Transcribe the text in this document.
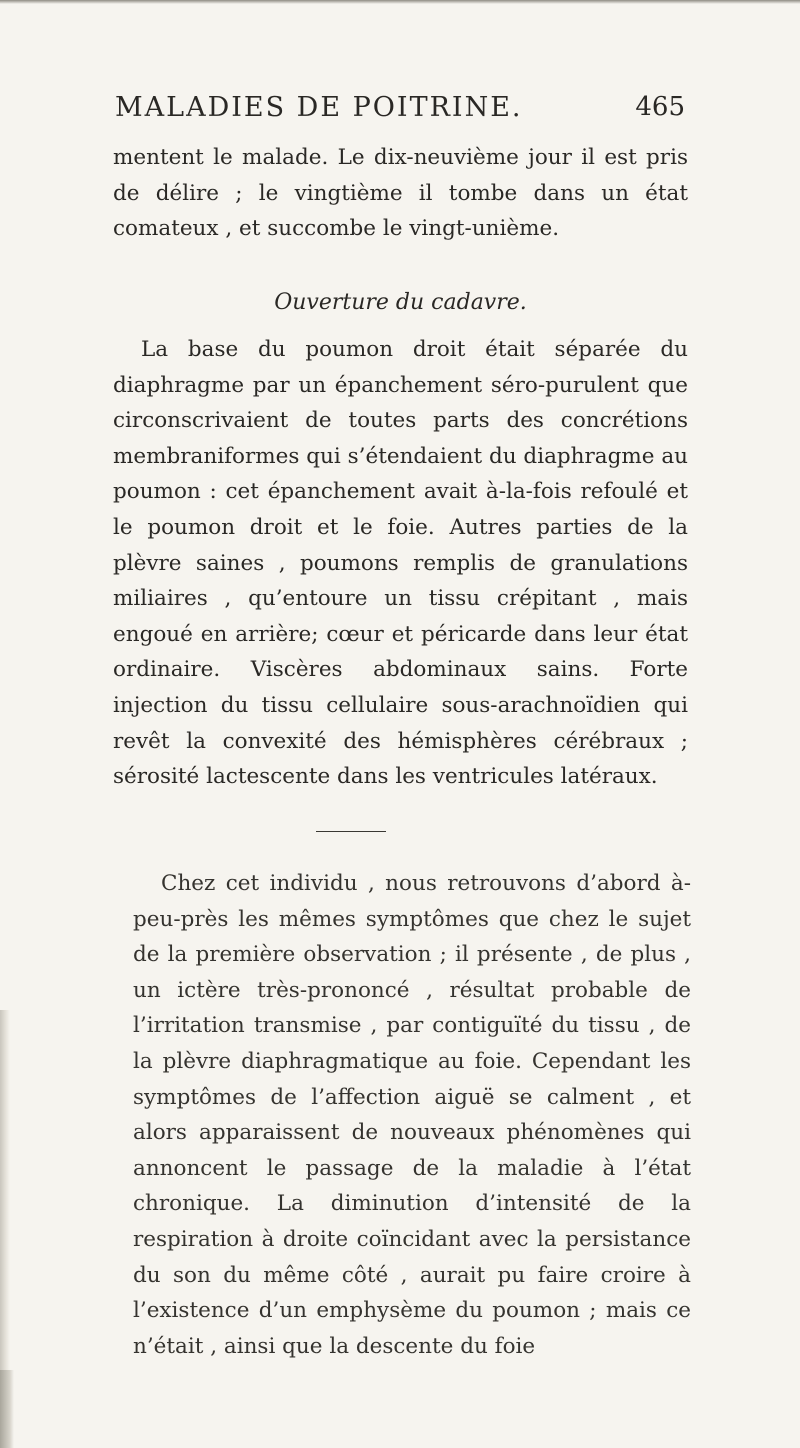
MALADIES DE POITRINE.	465

mentent le malade. Le dix-neuvième jour il est pris de délire ; le vingtième il tombe dans un état comateux , et succombe le vingt-unième.

Ouverture du cadavre.

La base du poumon droit était séparée du diaphragme par un épanchement séro-purulent que circonscrivaient de toutes parts des concrétions membraniformes qui s’étendaient du diaphragme au poumon : cet épanchement avait à-la-fois refoulé et le poumon droit et le foie. Autres parties de la plèvre saines , poumons remplis de granulations miliaires , qu’entoure un tissu crépitant , mais engoué en arrière; cœur et péricarde dans leur état ordinaire. Viscères abdominaux sains. Forte injection du tissu cellulaire sous-arachnoïdien qui revêt la convexité des hémisphères cérébraux ; sérosité lactescente dans les ventricules latéraux.

Chez cet individu , nous retrouvons d’abord à-peu-près les mêmes symptômes que chez le sujet de la première observation ; il présente , de plus , un ictère très-prononcé , résultat probable de l’irritation transmise , par contiguïté du tissu , de la plèvre diaphragmatique au foie. Cependant les symptômes de l’affection aiguë se calment , et alors apparaissent de nouveaux phénomènes qui annoncent le passage de la maladie à l’état chronique. La diminution d’intensité de la respiration à droite coïncidant avec la persistance du son du même côté , aurait pu faire croire à l’existence d’un emphysème du poumon ; mais ce n’était , ainsi que la descente du foie
